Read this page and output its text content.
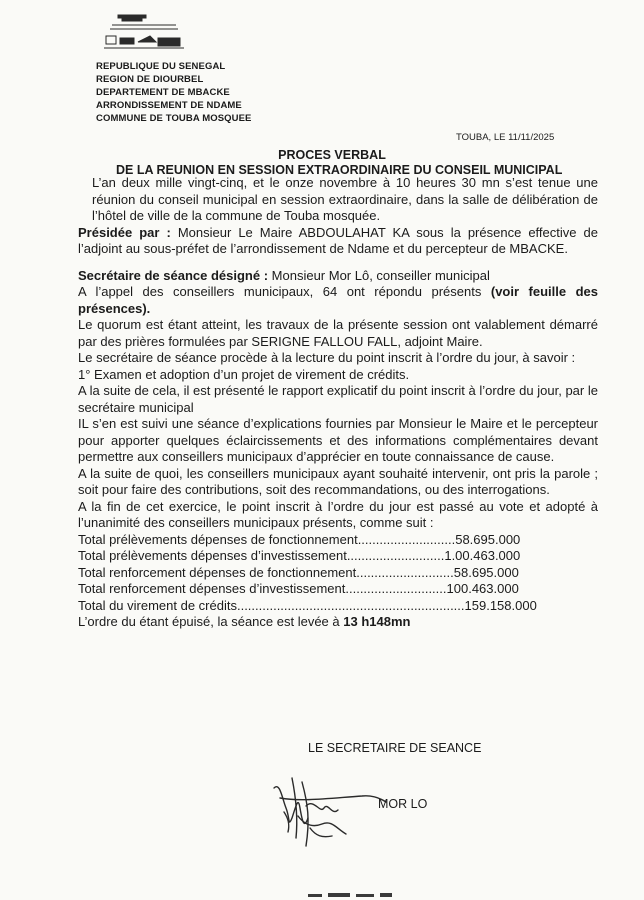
REPUBLIQUE DU SENEGAL
REGION DE DIOURBEL
DEPARTEMENT DE MBACKE
ARRONDISSEMENT DE NDAME
COMMUNE DE TOUBA MOSQUEE
TOUBA, LE 11/11/2025
PROCES VERBAL
DE LA REUNION EN SESSION EXTRAORDINAIRE DU CONSEIL MUNICIPAL

L’an deux mille vingt-cinq, et le onze novembre à 10 heures 30 mn s’est tenue une réunion du conseil municipal en session extraordinaire, dans la salle de délibération de l’hôtel de ville de la commune de Touba mosquée.

Présidée par : Monsieur Le Maire ABDOULAHAT KA sous la présence effective de l’adjoint au sous-préfet de l’arrondissement de Ndame et du percepteur de MBACKE.

Secrétaire de séance désigné : Monsieur Mor Lô, conseiller municipal

A l’appel des conseillers municipaux, 64 ont répondu présents (voir feuille des présences).

Le quorum est étant atteint, les travaux de la présente session ont valablement démarré par des prières formulées par SERIGNE FALLOU FALL, adjoint Maire.

Le secrétaire de séance procède à la lecture du point inscrit à l’ordre du jour, à savoir :

1° Examen et adoption d’un projet de virement de crédits.

A la suite de cela, il est présenté le rapport explicatif du point inscrit à l’ordre du jour, par le secrétaire municipal

IL s’en est suivi une séance d’explications fournies par Monsieur le Maire et le percepteur pour apporter quelques éclaircissements et des informations complémentaires devant permettre aux conseillers municipaux d’apprécier en toute connaissance de cause.

A la suite de quoi, les conseillers municipaux ayant souhaité intervenir, ont pris la parole ; soit pour faire des contributions, soit des recommandations, ou des interrogations.

A la fin de cet exercice, le point inscrit à l’ordre du jour est passé au vote et adopté à l’unanimité des conseillers municipaux présents, comme suit :

Total prélèvements dépenses de fonctionnement ........................... 58.695.000
Total prélèvements dépenses d’investissement ........................... 1.00.463.000
Total renforcement dépenses de fonctionnement ........................... 58.695.000
Total renforcement dépenses d’investissement ............................ 100.463.000
Total du virement de crédits ............................................................... 159.158.000

L’ordre du étant épuisé, la séance est levée à 13 h148mn

LE SECRETAIRE DE SEANCE
MOR LO
